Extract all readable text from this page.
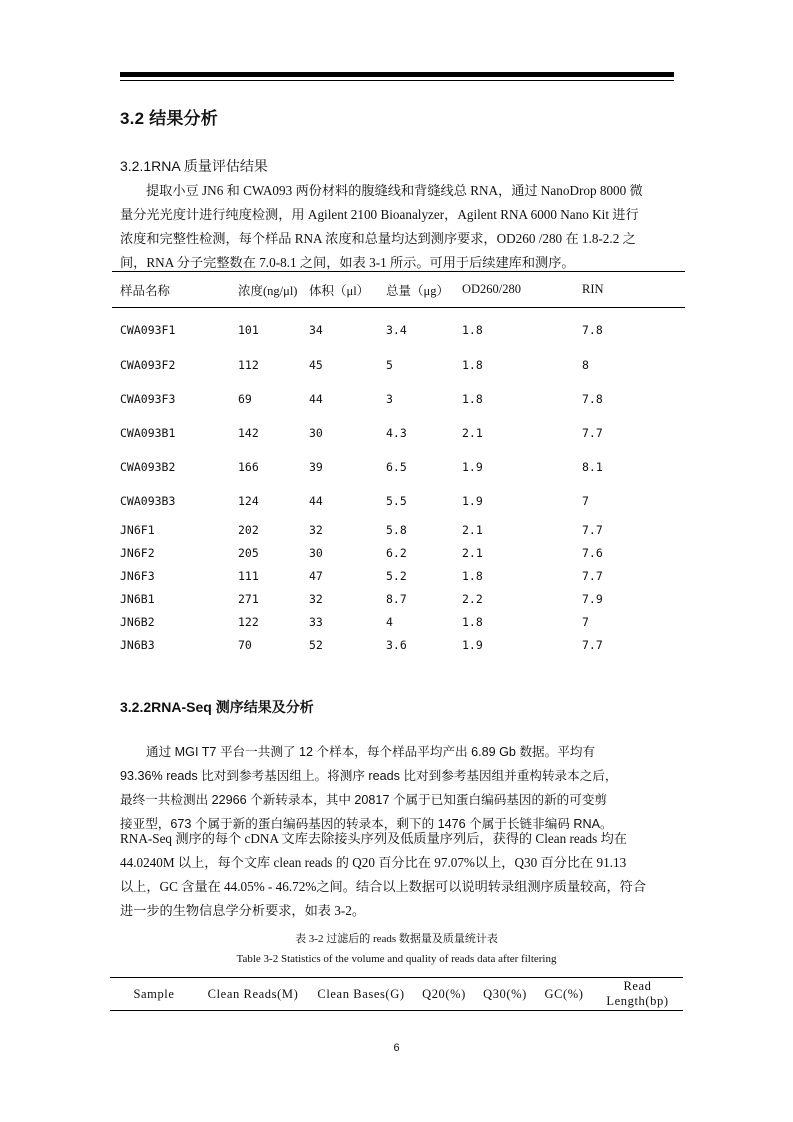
3.2 结果分析
3.2.1RNA 质量评估结果

提取小豆 JN6 和 CWA093 两份材料的腹缝线和背缝线总 RNA，通过 NanoDrop 8000 微

量分光光度计进行纯度检测，用 Agilent 2100 Bioanalyzer，Agilent RNA 6000 Nano Kit 进行

浓度和完整性检测，每个样品 RNA 浓度和总量均达到测序要求，OD260 /280 在 1.8-2.2 之

间，RNA 分子完整数在 7.0-8.1 之间，如表 3-1 所示。可用于后续建库和测序。

样品名称	浓度(ng/μl)	体积（μl）	总量（μg）	OD260/280	RIN
CWA093F1	101	34	3.4	1.8	7.8
CWA093F2	112	45	5	1.8	8
CWA093F3	69	44	3	1.8	7.8
CWA093B1	142	30	4.3	2.1	7.7
CWA093B2	166	39	6.5	1.9	8.1
CWA093B3	124	44	5.5	1.9	7
JN6F1	202	32	5.8	2.1	7.7
JN6F2	205	30	6.2	2.1	7.6
JN6F3	111	47	5.2	1.8	7.7
JN6B1	271	32	8.7	2.2	7.9
JN6B2	122	33	4	1.8	7
JN6B3	70	52	3.6	1.9	7.7
3.2.2RNA-Seq 测序结果及分析

通过 MGI T7 平台一共测了 12 个样本，每个样品平均产出 6.89 Gb 数据。平均有

93.36% reads 比对到参考基因组上。将测序 reads 比对到参考基因组并重构转录本之后，

最终一共检测出 22966 个新转录本，其中 20817 个属于已知蛋白编码基因的新的可变剪

接亚型，673 个属于新的蛋白编码基因的转录本，剩下的 1476 个属于长链非编码 RNA。

RNA-Seq 测序的每个 cDNA 文库去除接头序列及低质量序列后，获得的 Clean reads 均在

44.0240M 以上，每个文库 clean reads 的 Q20 百分比在 97.07%以上，Q30 百分比在 91.13

以上，GC 含量在 44.05% - 46.72%之间。结合以上数据可以说明转录组测序质量较高，符合

进一步的生物信息学分析要求，如表 3-2。

表 3-2 过滤后的 reads 数据量及质量统计表
Table 3-2 Statistics of the volume and quality of reads data after filtering
Sample	Clean Reads(M)	Clean Bases(G)	Q20(%)	Q30(%)	GC(%)	Read Length(bp)
6
